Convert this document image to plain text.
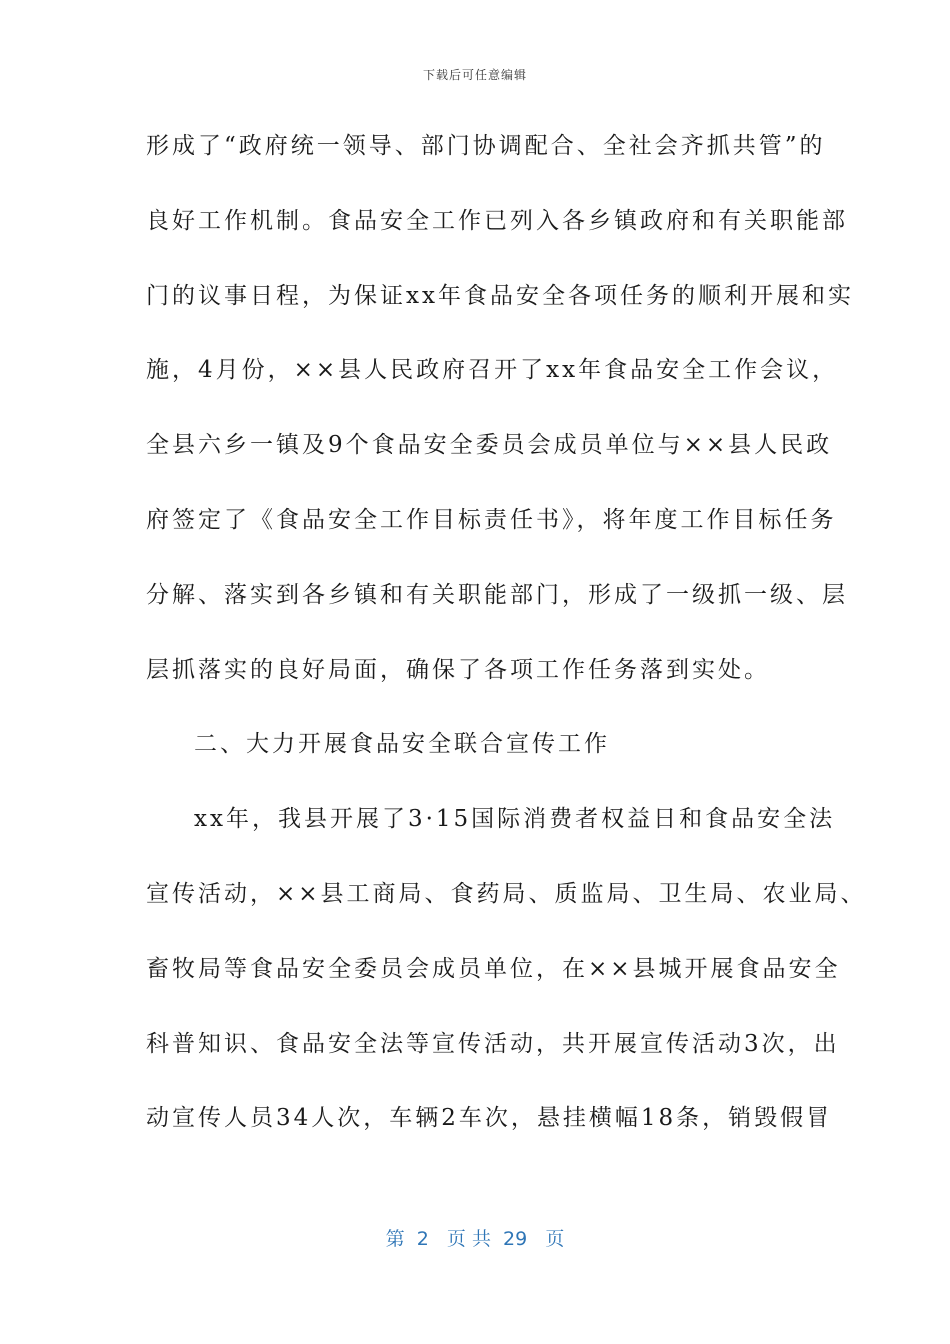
下载后可任意编辑
形成了“政府统一领导、部门协调配合、全社会齐抓共管”的
良好工作机制。食品安全工作已列入各乡镇政府和有关职能部
门的议事日程，为保证xx年食品安全各项任务的顺利开展和实
施，4月份，××县人民政府召开了xx年食品安全工作会议，
全县六乡一镇及9个食品安全委员会成员单位与××县人民政
府签定了《食品安全工作目标责任书》，将年度工作目标任务
分解、落实到各乡镇和有关职能部门，形成了一级抓一级、层
层抓落实的良好局面，确保了各项工作任务落到实处。
二、大力开展食品安全联合宣传工作
xx年，我县开展了3·15国际消费者权益日和食品安全法
宣传活动，××县工商局、食药局、质监局、卫生局、农业局、
畜牧局等食品安全委员会成员单位，在××县城开展食品安全
科普知识、食品安全法等宣传活动，共开展宣传活动3次，出
动宣传人员34人次，车辆2车次，悬挂横幅18条，销毁假冒
第  2   页 共  29   页
